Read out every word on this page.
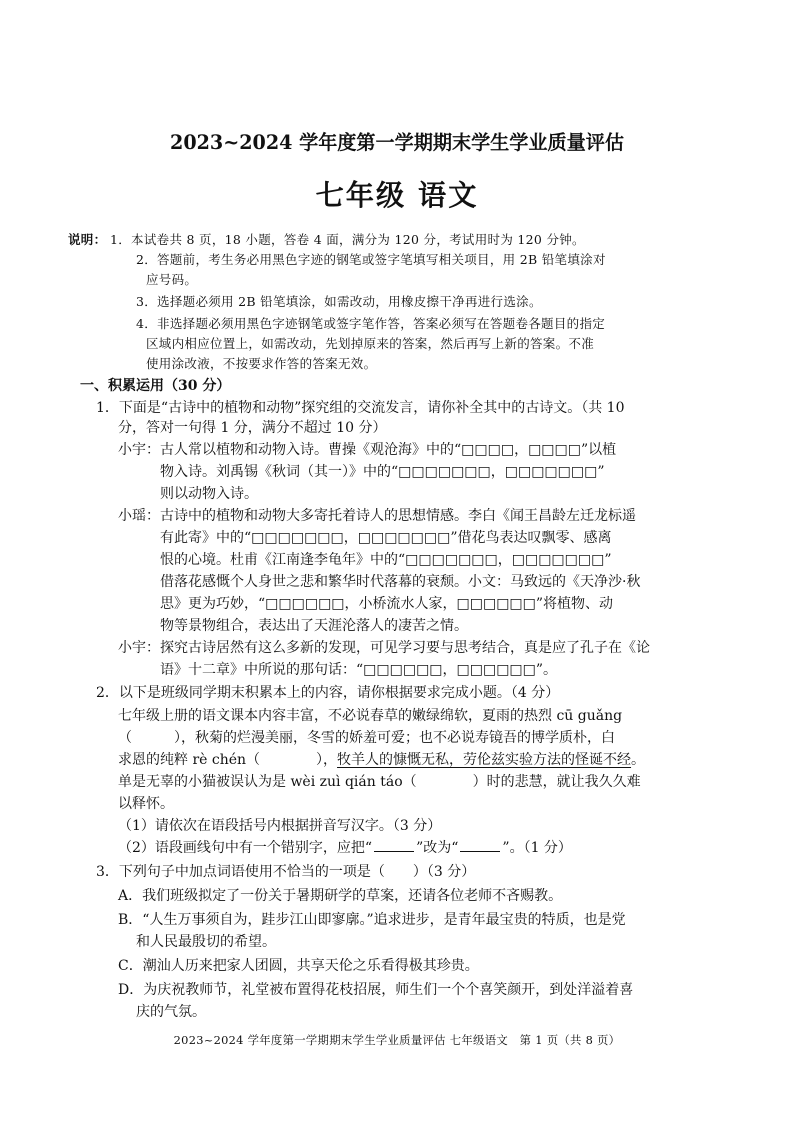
2023~2024 学年度第一学期期末学生学业质量评估
七年级 语文
说明： 1．本试卷共 8 页，18 小题，答卷 4 面，满分为 120 分，考试用时为 120 分钟。
2．答题前，考生务必用黑色字迹的钢笔或签字笔填写相关项目，用 2B 铅笔填涂对
应号码。
3．选择题必须用 2B 铅笔填涂，如需改动，用橡皮擦干净再进行选涂。
4．非选择题必须用黑色字迹钢笔或签字笔作答，答案必须写在答题卷各题目的指定
区域内相应位置上，如需改动，先划掉原来的答案，然后再写上新的答案。不准
使用涂改液，不按要求作答的答案无效。
一、积累运用（30 分）
1．下面是“古诗中的植物和动物”探究组的交流发言，请你补全其中的古诗文。（共 10
分，答对一句得 1 分，满分不超过 10 分）
小宇：古人常以植物和动物入诗。曹操《观沧海》中的“□□□□，□□□□”以植
物入诗。刘禹锡《秋词（其一）》中的“□□□□□□□，□□□□□□□”
则以动物入诗。
小瑶：古诗中的植物和动物大多寄托着诗人的思想情感。李白《闻王昌龄左迁龙标遥
有此寄》中的“□□□□□□□，□□□□□□□”借花鸟表达叹飘零、感离
恨的心境。杜甫《江南逢李龟年》中的“□□□□□□□，□□□□□□□”
借落花感慨个人身世之悲和繁华时代落幕的衰颓。小文：马致远的《天净沙·秋
思》更为巧妙，“□□□□□□，小桥流水人家，□□□□□□”将植物、动
物等景物组合，表达出了天涯沦落人的凄苦之情。
小宇：探究古诗居然有这么多新的发现，可见学习要与思考结合，真是应了孔子在《论
语》十二章》中所说的那句话：“□□□□□□，□□□□□□”。
2．以下是班级同学期末积累本上的内容，请你根据要求完成小题。（4 分）
七年级上册的语文课本内容丰富，不必说春草的嫩绿绵软，夏雨的热烈 cū guǎng
（　　　），秋菊的烂漫美丽，冬雪的娇羞可爱；也不必说寿镜吾的博学质朴，白
求恩的纯粹 rè chén（　　　　），牧羊人的慷慨无私，劳伦兹实验方法的怪诞不经。
单是无辜的小猫被误认为是 wèi zuì qián táo（　　　　）时的悲慧，就让我久久难
以释怀。
（1）请依次在语段括号内根据拼音写汉字。（3 分）
（2）语段画线句中有一个错别字，应把“	”改为“	”。（1 分）
3．下列句子中加点词语使用不恰当的一项是（　　）（3 分）
A．我们班级拟定了一份关于暑期研学的草案，还请各位老师不吝赐教。
B．“人生万事须自为，跬步江山即寥廓。”追求进步，是青年最宝贵的特质，也是党
和人民最殷切的希望。
C．潮汕人历来把家人团圆，共享天伦之乐看得极其珍贵。
D．为庆祝教师节，礼堂被布置得花枝招展，师生们一个个喜笑颜开，到处洋溢着喜
庆的气氛。
2023~2024 学年度第一学期期末学生学业质量评估 七年级语文　第 1 页（共 8 页）
